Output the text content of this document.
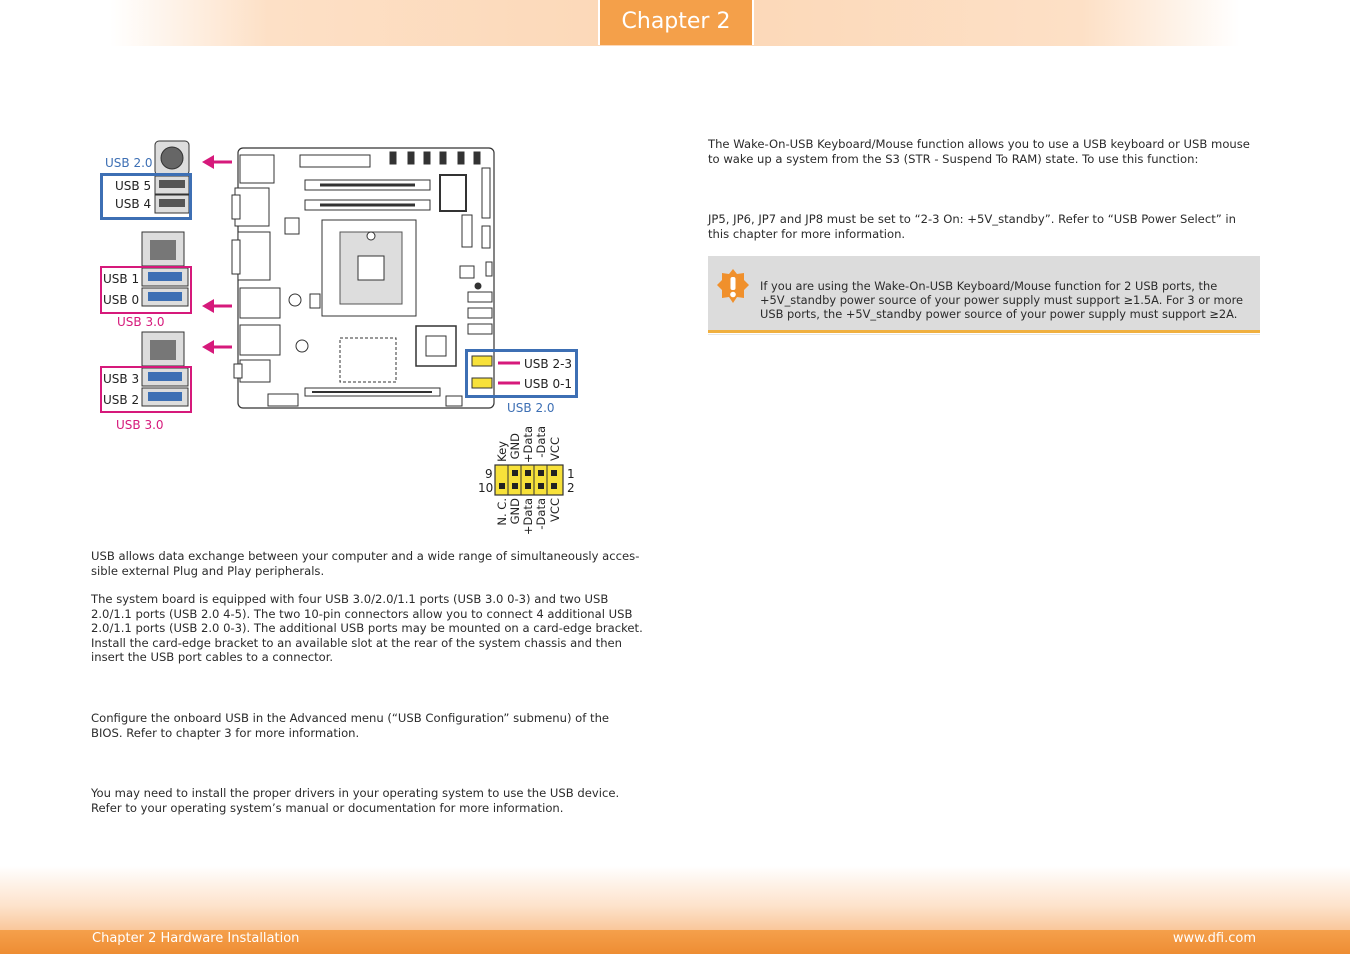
Chapter 2
USB 2.0
USB 5
USB 4
USB 1
USB 0
USB 3.0
USB 3
USB 2
USB 3.0
USB 2-3
USB 0-1
USB 2.0
Key GND +Data -Data VCC
9
10
1
2
N. C. GND +Data -Data VCC

USB allows data exchange between your computer and a wide range of simultaneously acces-sible external Plug and Play peripherals.

The system board is equipped with four USB 3.0/2.0/1.1 ports (USB 3.0 0-3) and two USB 2.0/1.1 ports (USB 2.0 4-5). The two 10-pin connectors allow you to connect 4 additional USB 2.0/1.1 ports (USB 2.0 0-3). The additional USB ports may be mounted on a card-edge bracket. Install the card-edge bracket to an available slot at the rear of the system chassis and then insert the USB port cables to a connector.

Configure the onboard USB in the Advanced menu (“USB Configuration” submenu) of the BIOS. Refer to chapter 3 for more information.

You may need to install the proper drivers in your operating system to use the USB device. Refer to your operating system’s manual or documentation for more information.

The Wake-On-USB Keyboard/Mouse function allows you to use a USB keyboard or USB mouse to wake up a system from the S3 (STR - Suspend To RAM) state. To use this function:

JP5, JP6, JP7 and JP8 must be set to “2-3 On: +5V_standby”. Refer to “USB Power Select” in this chapter for more information.

If you are using the Wake-On-USB Keyboard/Mouse function for 2 USB ports, the +5V_standby power source of your power supply must support ≥1.5A. For 3 or more USB ports, the +5V_standby power source of your power supply must support ≥2A.
Chapter 2 Hardware Installation	www.dfi.com
